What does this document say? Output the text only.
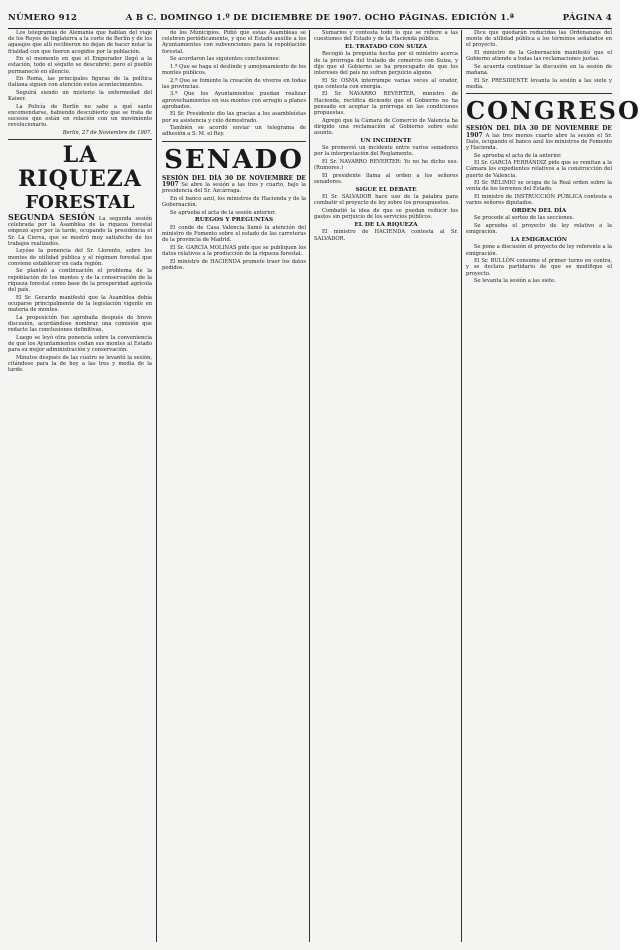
NÚMERO 912	A B C. DOMINGO 1.º DE DICIEMBRE DE 1907. OCHO PÁGINAS. EDICIÓN 1.ª	PÁGINA 4

Los telegramas de Alemania que hablan del viaje de los Reyes de Inglaterra a la corte de Berlín y de los agasajos que allí recibieron no dejan de hacer notar la frialdad con que fueron acogidos por la población.

En el momento en que el Emperador llegó a la estación, todo el séquito se descubrió; pero el pueblo permaneció en silencio.

En Roma, las principales figuras de la política italiana siguen con atención estos acontecimientos.

Seguirá siendo un misterio la enfermedad del Kaiser.

La Policía de Berlín no sabe a qué santo encomendarse, habiendo descubierto que se trata de sucesos que están en relación con un movimiento revolucionario.

Berlín, 27 de Noviembre de 1907.

LA RIQUEZA

FORESTAL

SEGUNDA SESIÓN La segunda sesión celebrada por la Asamblea de la riqueza forestal empezó ayer por la tarde, ocupando la presidencia el Sr. La Cierva, que se mostró muy satisfecho de los trabajos realizados.

Leyóse la ponencia del Sr. Llorente, sobre los montes de utilidad pública y el régimen forestal que conviene establecer en cada región.

Se planteó a continuación el problema de la repoblación de los montes y de la conservación de la riqueza forestal como base de la prosperidad agrícola del país.

El Sr. Gerardo manifestó que la Asamblea debía ocuparse principalmente de la legislación vigente en materia de montes.

La proposición fue aprobada después de breve discusión, acordándose nombrar una comisión que redacte las conclusiones definitivas.

Luego se leyó otra ponencia sobre la conveniencia de que los Ayuntamientos cedan sus montes al Estado para su mejor administración y conservación.

Minutos después de las cuatro se levantó la sesión, citándose para la de hoy a las tres y media de la tarde.

de los Municipios. Pidió que estas Asambleas se celebren periódicamente, y que el Estado auxilie a los Ayuntamientos con subvenciones para la repoblación forestal.

Se acordaron las siguientes conclusiones:

1.ª Que se haga el deslinde y amojonamiento de los montes públicos.

2.ª Que se fomente la creación de viveros en todas las provincias.

3.ª Que los Ayuntamientos puedan realizar aprovechamientos en sus montes con arreglo a planes aprobados.

El Sr. Presidente dio las gracias a los asambleístas por su asistencia y celo demostrado.

También se acordó enviar un telegrama de adhesión a S. M. el Rey.

SENADO

SESIÓN DEL DÍA 30 DE NOVIEMBRE DE 1907 Se abre la sesión a las tres y cuarto, bajo la presidencia del Sr. Azcárraga.

En el banco azul, los ministros de Hacienda y de la Gobernación.

Se aprueba el acta de la sesión anterior.

RUEGOS Y PREGUNTAS

El conde de Casa Valencia llamó la atención del ministro de Fomento sobre el estado de las carreteras de la provincia de Madrid.

El Sr. GARCÍA MOLINAS pide que se publiquen los datos relativos a la producción de la riqueza forestal.

El ministro de HACIENDA promete traer los datos pedidos.

Sumarios y contesta todo lo que se refiere a las cuestiones del Estado y de la Hacienda pública.

EL TRATADO CON SUIZA

Recogió la pregunta hecha por el ministro acerca de la prórroga del tratado de comercio con Suiza, y dijo que el Gobierno se ha preocupado de que los intereses del país no sufran perjuicio alguno.

El Sr. OSMA interrumpe varias veces al orador, que contesta con energía.

El Sr. NAVARRO REVERTER, ministro de Hacienda, rectifica diciendo que el Gobierno no ha pensado en aceptar la prórroga en las condiciones propuestas.

Agregó que la Cámara de Comercio de Valencia ha dirigido una reclamación al Gobierno sobre este asunto.

UN INCIDENTE

Se promovió un incidente entre varios senadores por la interpretación del Reglamento.

El Sr. NAVARRO REVERTER: Yo no he dicho eso. (Rumores.)

El presidente llama al orden a los señores senadores.

SIGUE EL DEBATE

El Sr. SALVADOR hace uso de la palabra para combatir el proyecto de ley sobre los presupuestos.

Combatió la idea de que se puedan reducir los gastos sin perjuicio de los servicios públicos.

EL DE LA RIQUEZA

El ministro de HACIENDA contesta al Sr. SALVADOR.

Dice que quedarán reducidas las Ordenanzas del monte de utilidad pública a los términos señalados en el proyecto.

El ministro de la Gobernación manifestó que el Gobierno atiende a todas las reclamaciones justas.

Se acuerda continuar la discusión en la sesión de mañana.

El Sr. PRESIDENTE levanta la sesión a las siete y media.

CONGRESO

SESIÓN DEL DÍA 30 DE NOVIEMBRE DE 1907 A las tres menos cuarto abre la sesión el Sr. Dato, ocupando el banco azul los ministros de Fomento y Hacienda.

Se aprueba el acta de la anterior.

El Sr. GARCÍA FERRÁNDIZ pide que se remitan a la Cámara los expedientes relativos a la construcción del puerto de Valencia.

El Sr. RELIMIO se ocupa de la Real orden sobre la venta de los terrenos del Estado.

El ministro de INSTRUCCIÓN PÚBLICA contesta a varios señores diputados.

ORDEN DEL DÍA

Se procede al sorteo de las secciones.

Se aprueba el proyecto de ley relativo a la emigración.

LA EMIGRACIÓN

Se pone a discusión el proyecto de ley referente a la emigración.

El Sr. BULLÓN consume el primer turno en contra, y se declara partidario de que se modifique el proyecto.

Se levanta la sesión a las siete.
